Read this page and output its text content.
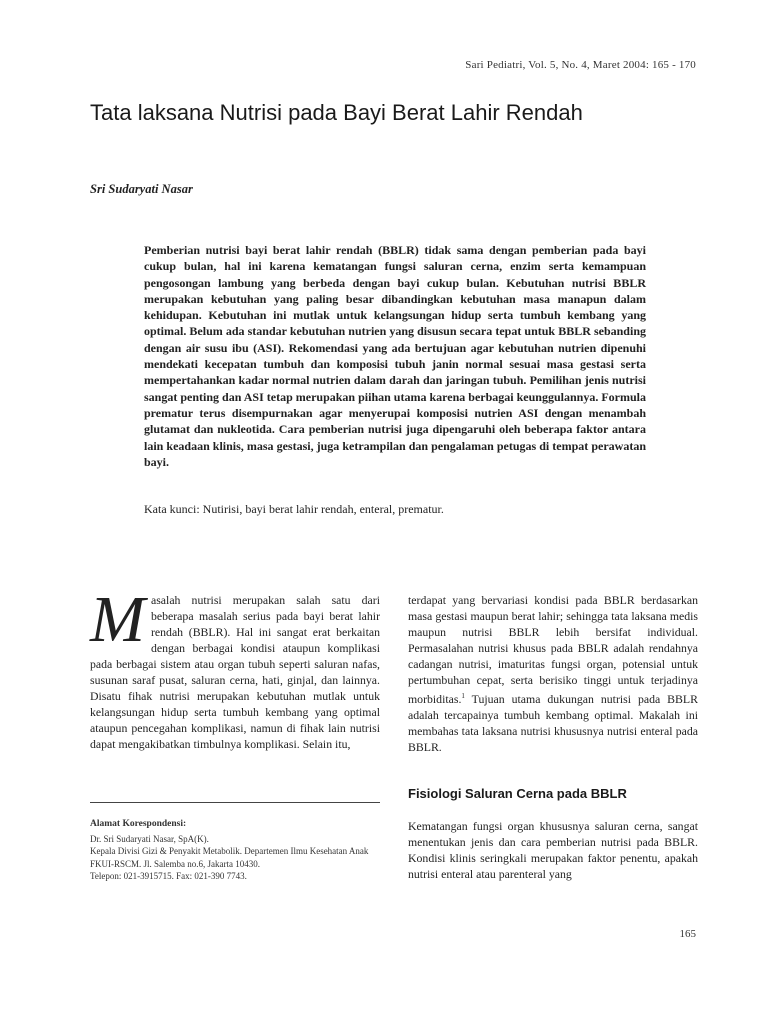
Sari Pediatri, Vol. 5, No. 4, Maret 2004: 165 - 170
Tata laksana Nutrisi pada Bayi Berat Lahir Rendah
Sri Sudaryati Nasar

Pemberian nutrisi bayi berat lahir rendah (BBLR) tidak sama dengan pemberian pada bayi cukup bulan, hal ini karena kematangan fungsi saluran cerna, enzim serta kemampuan pengosongan lambung yang berbeda dengan bayi cukup bulan. Kebutuhan nutrisi BBLR merupakan kebutuhan yang paling besar dibandingkan kebutuhan masa manapun dalam kehidupan. Kebutuhan ini mutlak untuk kelangsungan hidup serta tumbuh kembang yang optimal. Belum ada standar kebutuhan nutrien yang disusun secara tepat untuk BBLR sebanding dengan air susu ibu (ASI). Rekomendasi yang ada bertujuan agar kebutuhan nutrien dipenuhi mendekati kecepatan tumbuh dan komposisi tubuh janin normal sesuai masa gestasi serta mempertahankan kadar normal nutrien dalam darah dan jaringan tubuh. Pemilihan jenis nutrisi sangat penting dan ASI tetap merupakan piihan utama karena berbagai keunggulannya. Formula prematur terus disempurnakan agar menyerupai komposisi nutrien ASI dengan menambah glutamat dan nukleotida. Cara pemberian nutrisi juga dipengaruhi oleh beberapa faktor antara lain keadaan klinis, masa gestasi, juga ketrampilan dan pengalaman petugas di tempat perawatan bayi.

Kata kunci: Nutirisi, bayi berat lahir rendah, enteral, prematur.
Masalah nutrisi merupakan salah satu dari beberapa masalah serius pada bayi berat lahir rendah (BBLR). Hal ini sangat erat berkaitan dengan berbagai kondisi ataupun komplikasi pada berbagai sistem atau organ tubuh seperti saluran nafas, susunan saraf pusat, saluran cerna, hati, ginjal, dan lainnya. Disatu fihak nutrisi merupakan kebutuhan mutlak untuk kelangsungan hidup serta tumbuh kembang yang optimal ataupun pencegahan komplikasi, namun di fihak lain nutrisi dapat mengakibatkan timbulnya komplikasi. Selain itu,

terdapat yang bervariasi kondisi pada BBLR berdasarkan masa gestasi maupun berat lahir; sehingga tata laksana medis maupun nutrisi BBLR lebih bersifat individual. Permasalahan nutrisi khusus pada BBLR adalah rendahnya cadangan nutrisi, imaturitas fungsi organ, potensial untuk pertumbuhan cepat, serta berisiko tinggi untuk terjadinya morbiditas.$^1$ Tujuan utama dukungan nutrisi pada BBLR adalah tercapainya tumbuh kembang optimal. Makalah ini membahas tata laksana nutrisi khususnya nutrisi enteral pada BBLR.

Fisiologi Saluran Cerna pada BBLR

Kematangan fungsi organ khususnya saluran cerna, sangat menentukan jenis dan cara pemberian nutrisi pada BBLR. Kondisi klinis seringkali merupakan faktor penentu, apakah nutrisi enteral atau parenteral yang

Alamat Korespondensi:
Dr. Sri Sudaryati Nasar, SpA(K).
Kepala Divisi Gizi & Penyakit Metabolik. Departemen Ilmu Kesehatan Anak FKUI-RSCM. Jl. Salemba no.6, Jakarta 10430.
Telepon: 021-3915715. Fax: 021-390 7743.
165
